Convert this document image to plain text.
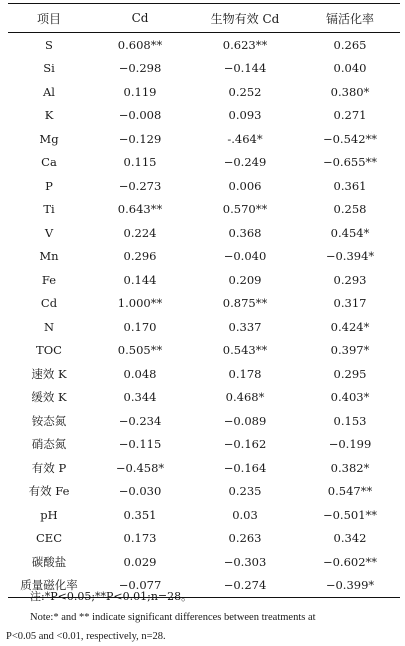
项目	Cd	生物有效 Cd	镉活化率
S	0.608**	0.623**	0.265
Si	−0.298	−0.144	0.040
Al	0.119	0.252	0.380*
K	−0.008	0.093	0.271
Mg	−0.129	-.464*	−0.542**
Ca	0.115	−0.249	−0.655**
P	−0.273	0.006	0.361
Ti	0.643**	0.570**	0.258
V	0.224	0.368	0.454*
Mn	0.296	−0.040	−0.394*
Fe	0.144	0.209	0.293
Cd	1.000**	0.875**	0.317
N	0.170	0.337	0.424*
TOC	0.505**	0.543**	0.397*
速效 K	0.048	0.178	0.295
缓效 K	0.344	0.468*	0.403*
铵态氮	−0.234	−0.089	0.153
硝态氮	−0.115	−0.162	−0.199
有效 P	−0.458*	−0.164	0.382*
有效 Fe	−0.030	0.235	0.547**
pH	0.351	0.03	−0.501**
CEC	0.173	0.263	0.342
碳酸盐	0.029	−0.303	−0.602**
质量磁化率	−0.077	−0.274	−0.399*
注:*P<0.05;**P<0.01;n=28。
Note:* and ** indicate significant differences between treatments at
P<0.05 and <0.01, respectively, n=28.
